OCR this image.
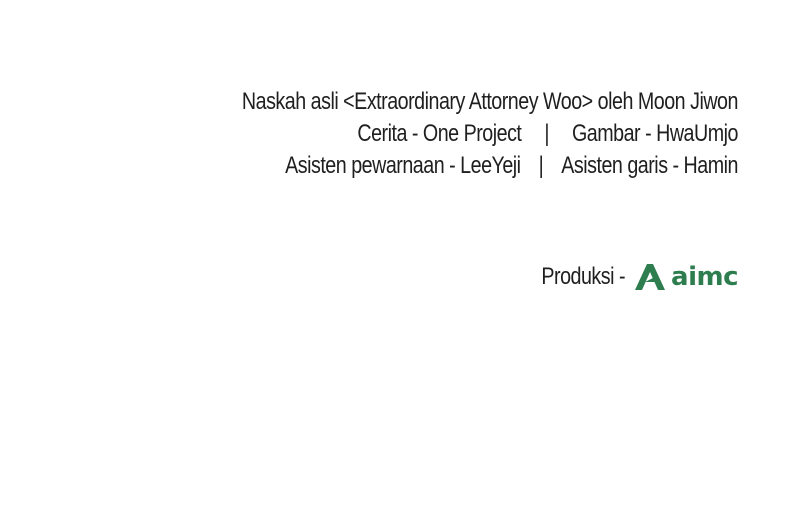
Naskah asli <Extraordinary Attorney Woo> oleh Moon Jiwon
Cerita - One Project | Gambar - HwaUmjo
Asisten pewarnaan - LeeYeji | Asisten garis - Hamin
Produksi - aimc
